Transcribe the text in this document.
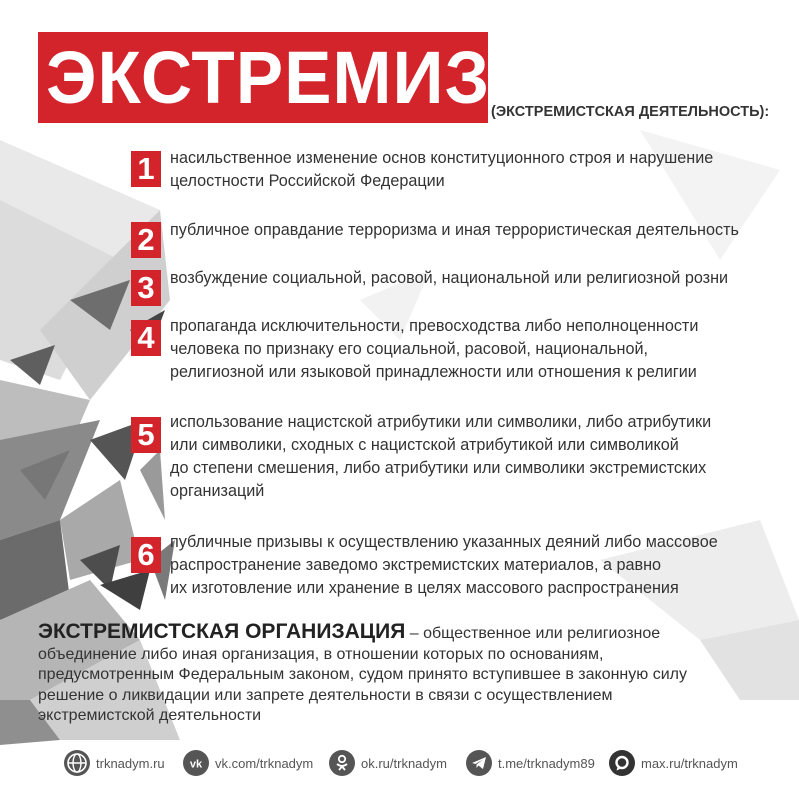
ЭКСТРЕМИЗМ
(ЭКСТРЕМИСТСКАЯ ДЕЯТЕЛЬНОСТЬ):
1 насильственное изменение основ конституционного строя и нарушение
целостности Российской Федерации
2 публичное оправдание терроризма и иная террористическая деятельность
3 возбуждение социальной, расовой, национальной или религиозной розни
4 пропаганда исключительности, превосходства либо неполноценности
человека по признаку его социальной, расовой, национальной,
религиозной или языковой принадлежности или отношения к религии
5 использование нацистской атрибутики или символики, либо атрибутики
или символики, сходных с нацистской атрибутикой или символикой
до степени смешения, либо атрибутики или символики экстремистских
организаций
6 публичные призывы к осуществлению указанных деяний либо массовое
распространение заведомо экстремистских материалов, а равно
их изготовление или хранение в целях массового распространения
ЭКСТРЕМИСТСКАЯ ОРГАНИЗАЦИЯ – общественное или религиозное
объединение либо иная организация, в отношении которых по основаниям,
предусмотренным Федеральным законом, судом принято вступившее в законную силу
решение о ликвидации или запрете деятельности в связи с осуществлением
экстремистской деятельности
trknadym.ru vk vk.com/trknadym	ok.ru/trknadym	t.me/trknadym89	max.ru/trknadym
